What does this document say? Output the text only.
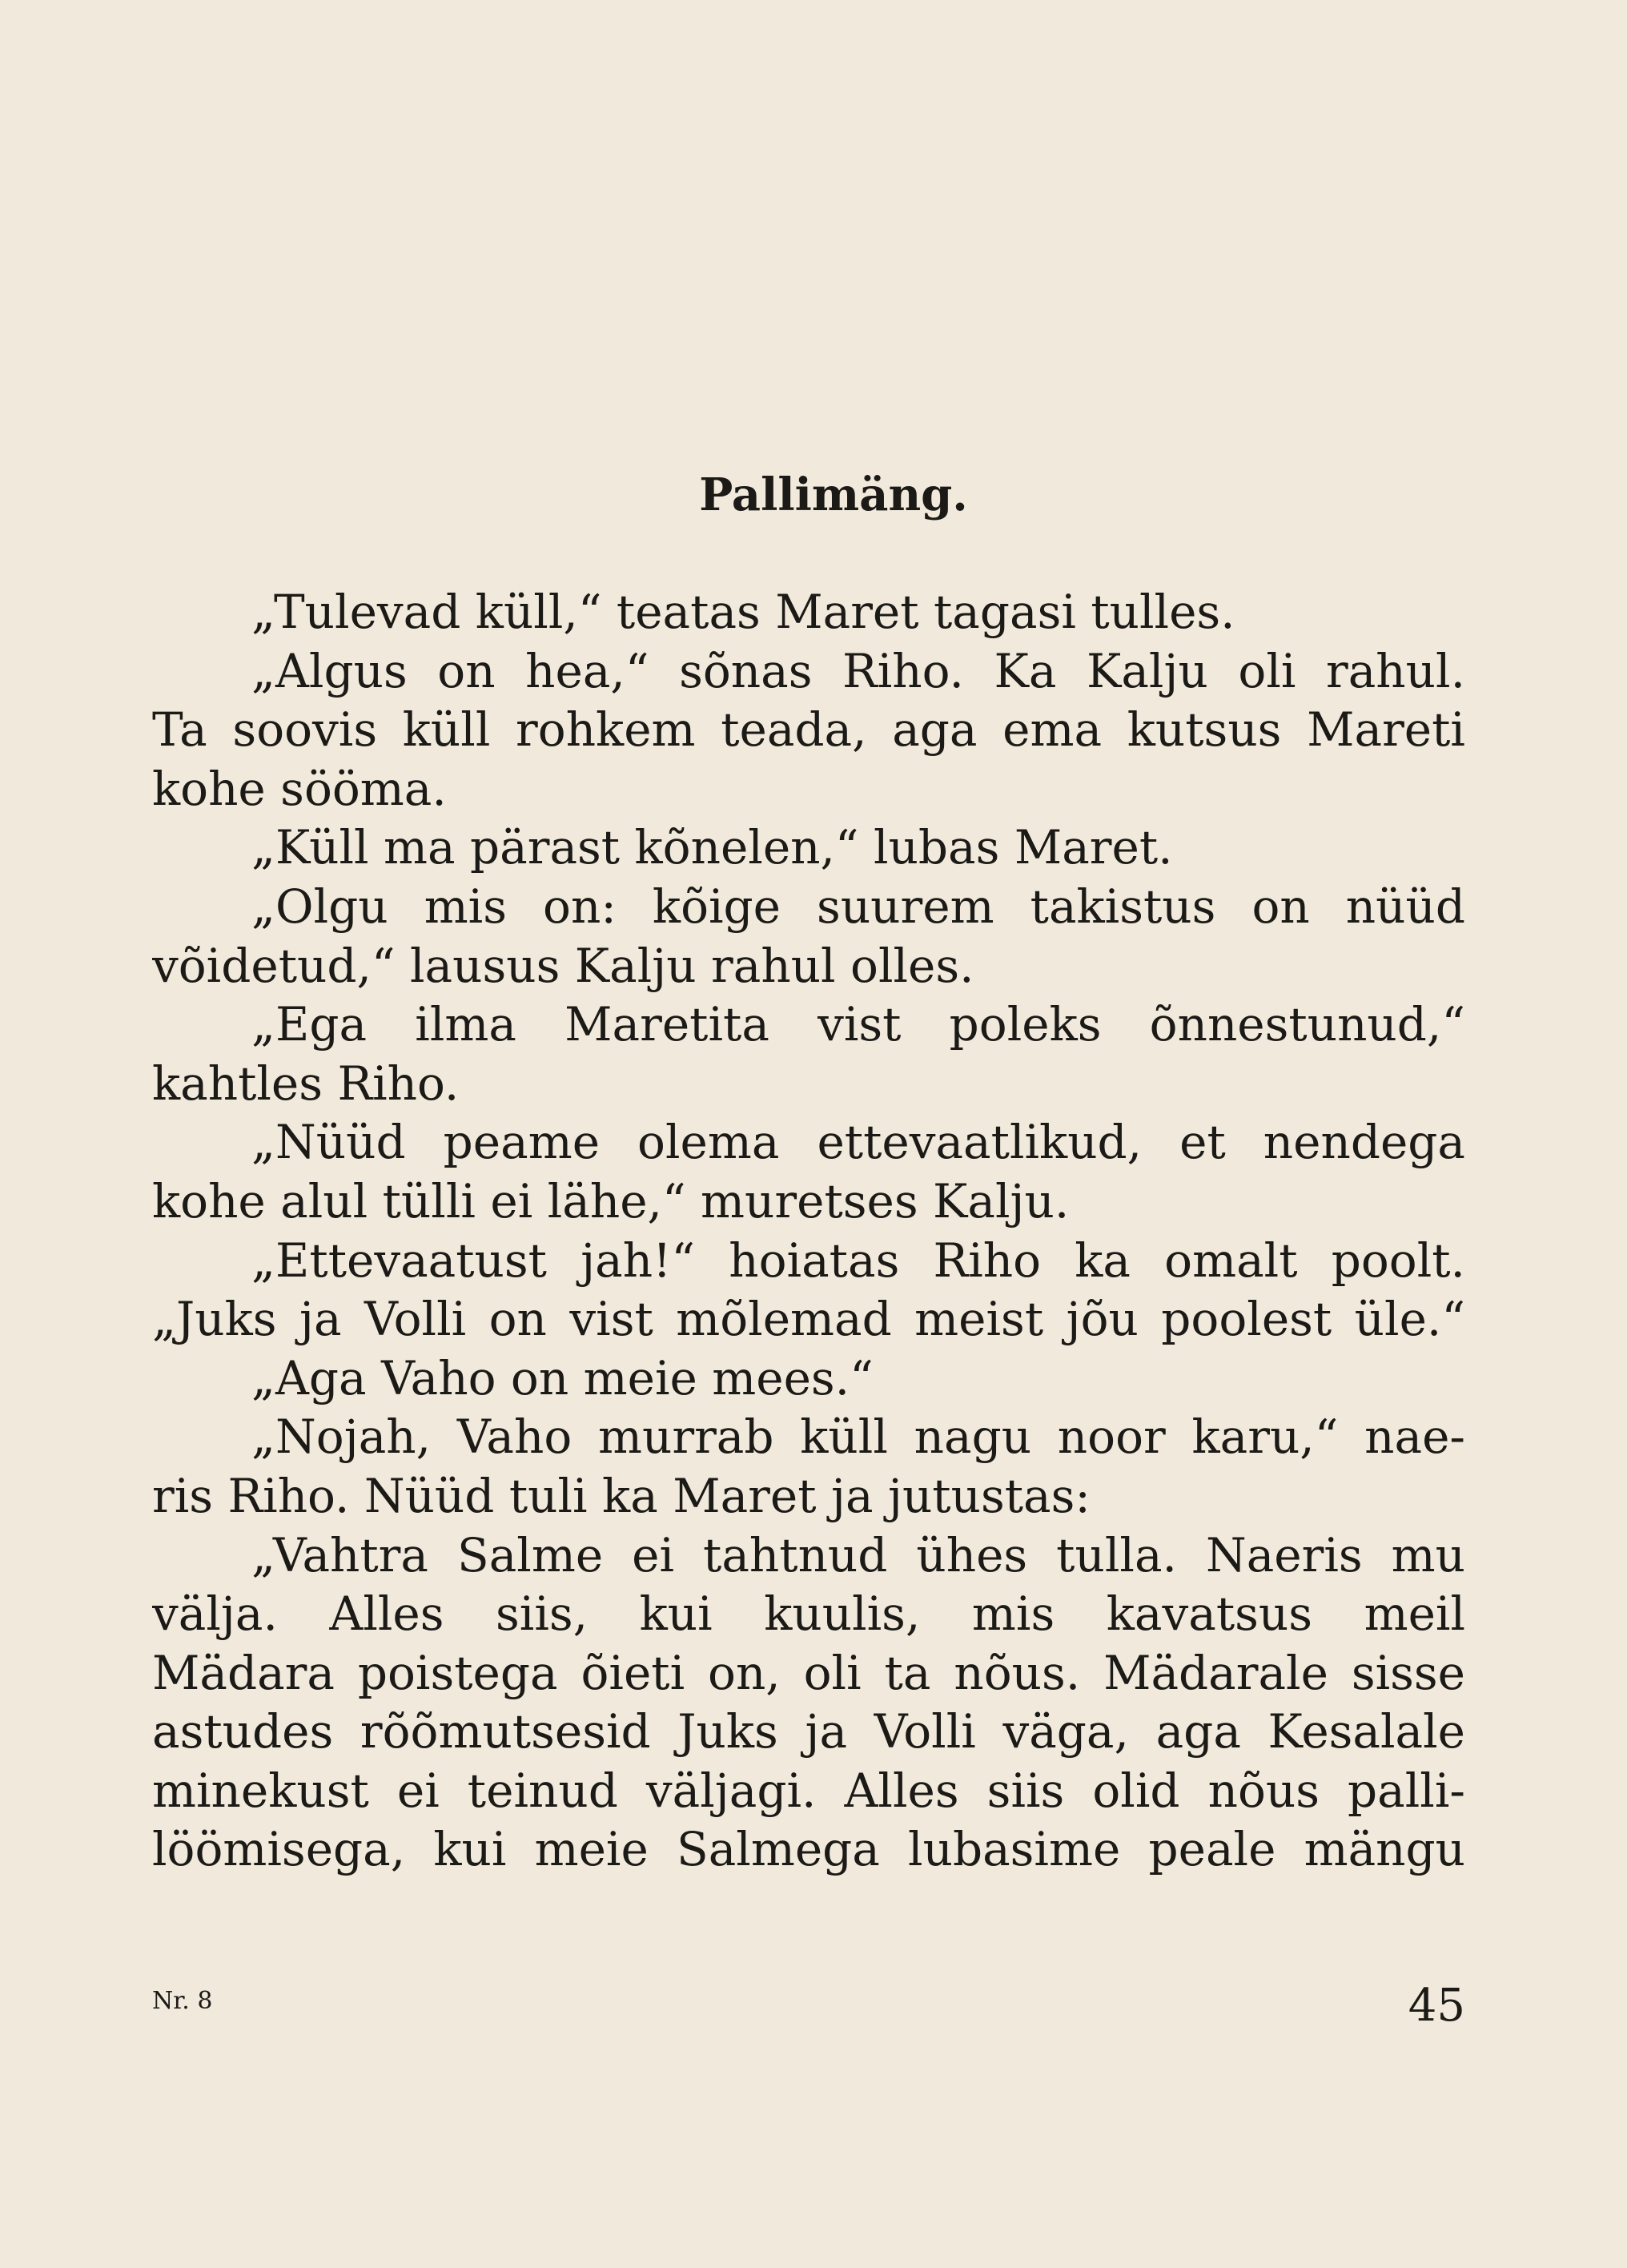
Pallimäng.
„Tulevad küll,“ teatas Maret tagasi tulles.
„Algus on hea,“ sõnas Riho. Ka Kalju oli rahul.
Ta soovis küll rohkem teada, aga ema kutsus Mareti
kohe sööma.
„Küll ma pärast kõnelen,“ lubas Maret.
„Olgu mis on: kõige suurem takistus on nüüd
võidetud,“ lausus Kalju rahul olles.
„Ega ilma Maretita vist poleks õnnestunud,“
kahtles Riho.
„Nüüd peame olema ettevaatlikud, et nendega
kohe alul tülli ei lähe,“ muretses Kalju.
„Ettevaatust jah!“ hoiatas Riho ka omalt poolt.
„Juks ja Volli on vist mõlemad meist jõu poolest üle.“
„Aga Vaho on meie mees.“
„Nojah, Vaho murrab küll nagu noor karu,“ nae-
ris Riho. Nüüd tuli ka Maret ja jutustas:
„Vahtra Salme ei tahtnud ühes tulla. Naeris mu
välja. Alles siis, kui kuulis, mis kavatsus meil
Mädara poistega õieti on, oli ta nõus. Mädarale sisse
astudes rõõmutsesid Juks ja Volli väga, aga Kesalale
minekust ei teinud väljagi. Alles siis olid nõus palli-
löömisega, kui meie Salmega lubasime peale mängu
Nr. 8	45
